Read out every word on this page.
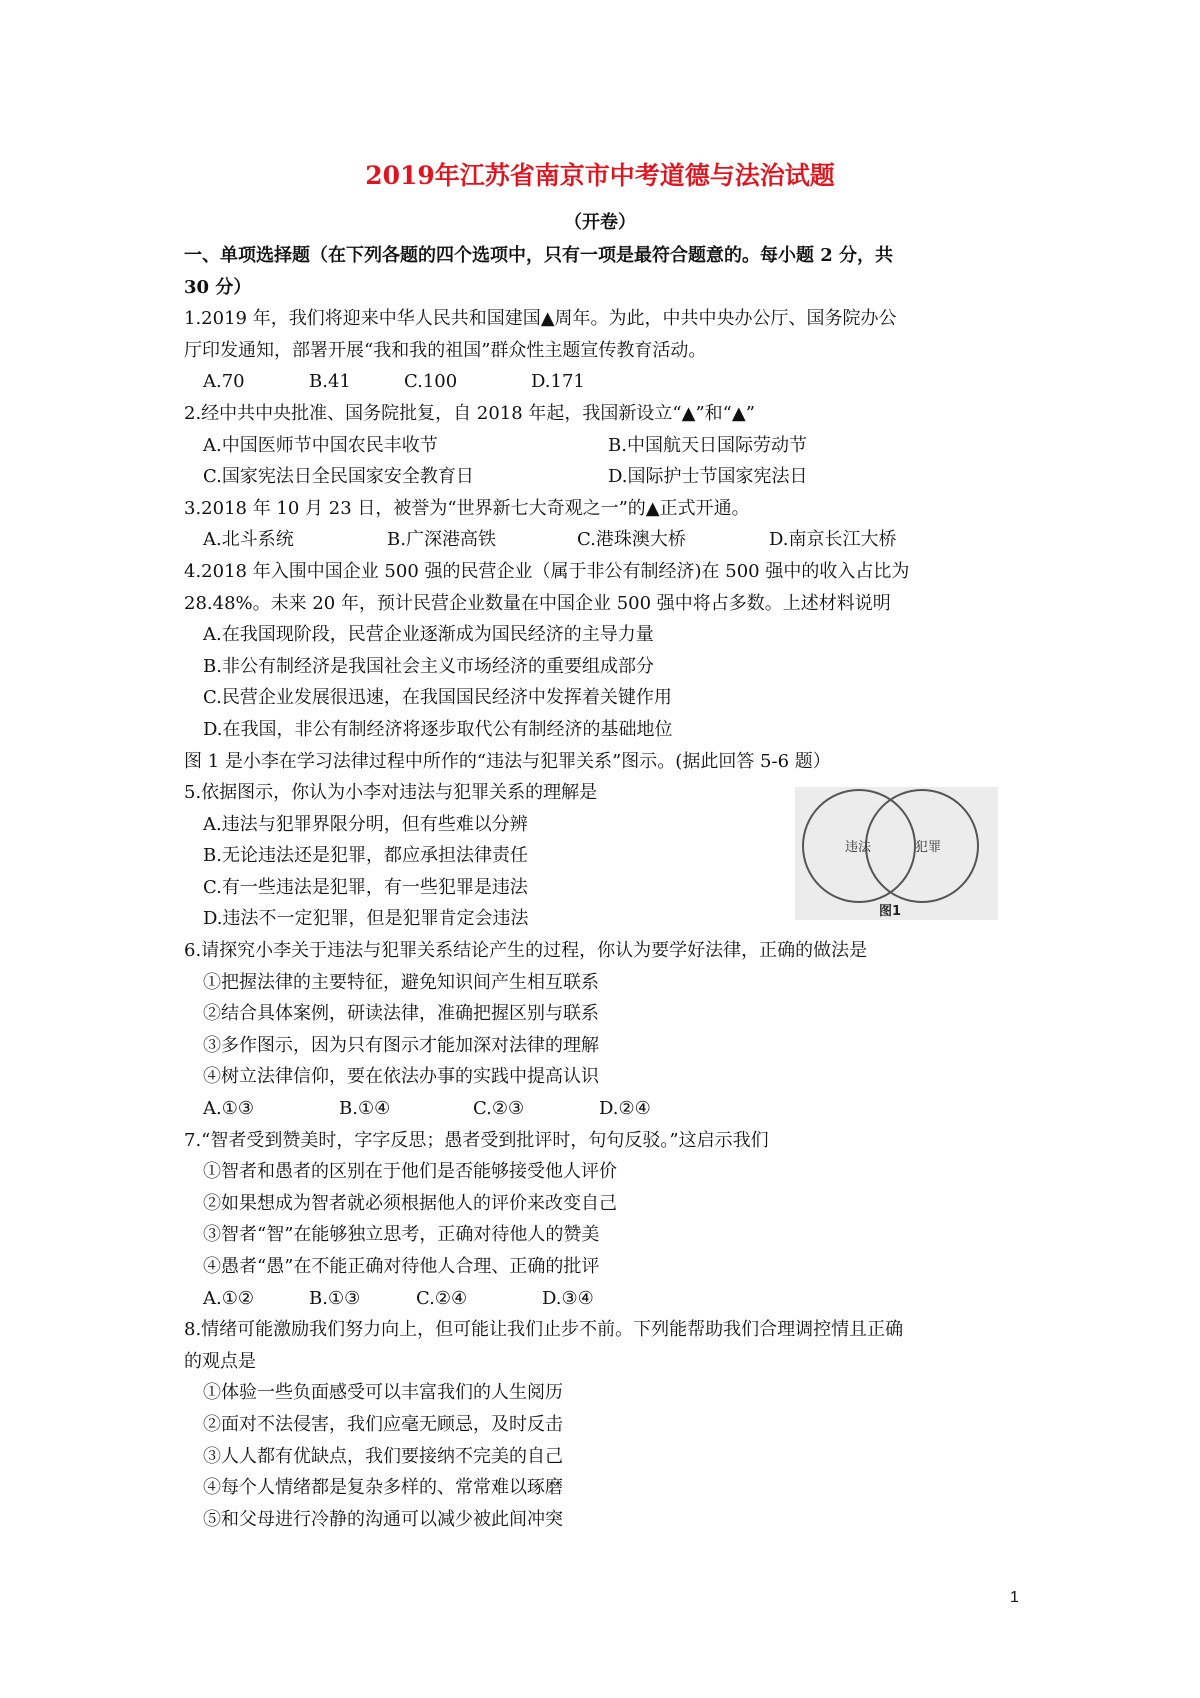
2019年江苏省南京市中考道德与法治试题
（开卷）
一、单项选择题（在下列各题的四个选项中，只有一项是最符合题意的。每小题 2 分，共
30 分）
1.2019 年，我们将迎来中华人民共和国建国▲周年。为此，中共中央办公厅、国务院办公
厅印发通知，部署开展“我和我的祖国”群众性主题宣传教育活动。
A.70	B.41	C.100	D.171
2.经中共中央批准、国务院批复，自 2018 年起，我国新设立“▲”和“▲”
A.中国医师节中国农民丰收节	B.中国航天日国际劳动节
C.国家宪法日全民国家安全教育日	D.国际护士节国家宪法日
3.2018 年 10 月 23 日，被誉为“世界新七大奇观之一”的▲正式开通。
A.北斗系统	B.广深港高铁	C.港珠澳大桥	D.南京长江大桥
4.2018 年入围中国企业 500 强的民营企业（属于非公有制经济)在 500 强中的收入占比为
28.48%。未来 20 年，预计民营企业数量在中国企业 500 强中将占多数。上述材料说明
A.在我国现阶段，民营企业逐渐成为国民经济的主导力量
B.非公有制经济是我国社会主义市场经济的重要组成部分
C.民营企业发展很迅速，在我国国民经济中发挥着关键作用
D.在我国，非公有制经济将逐步取代公有制经济的基础地位
图 1 是小李在学习法律过程中所作的“违法与犯罪关系”图示。(据此回答 5-6 题）
5.依据图示，你认为小李对违法与犯罪关系的理解是
A.违法与犯罪界限分明，但有些难以分辨
B.无论违法还是犯罪，都应承担法律责任
C.有一些违法是犯罪，有一些犯罪是违法
D.违法不一定犯罪，但是犯罪肯定会违法
6.请探究小李关于违法与犯罪关系结论产生的过程，你认为要学好法律，正确的做法是
①把握法律的主要特征，避免知识间产生相互联系
②结合具体案例，研读法律，准确把握区别与联系
③多作图示，因为只有图示才能加深对法律的理解
④树立法律信仰，要在依法办事的实践中提高认识
A.①③	B.①④	C.②③	D.②④
7.“智者受到赞美时，字字反思；愚者受到批评时，句句反驳。”这启示我们
①智者和愚者的区别在于他们是否能够接受他人评价
②如果想成为智者就必须根据他人的评价来改变自己
③智者“智”在能够独立思考，正确对待他人的赞美
④愚者“愚”在不能正确对待他人合理、正确的批评
A.①②	B.①③	C.②④	D.③④
8.情绪可能激励我们努力向上，但可能让我们止步不前。下列能帮助我们合理调控情且正确
的观点是
①体验一些负面感受可以丰富我们的人生阅历
②面对不法侵害，我们应毫无顾忌，及时反击
③人人都有优缺点，我们要接纳不完美的自己
④每个人情绪都是复杂多样的、常常难以琢磨
⑤和父母进行冷静的沟通可以减少被此间冲突
违法	犯罪
图1
1
